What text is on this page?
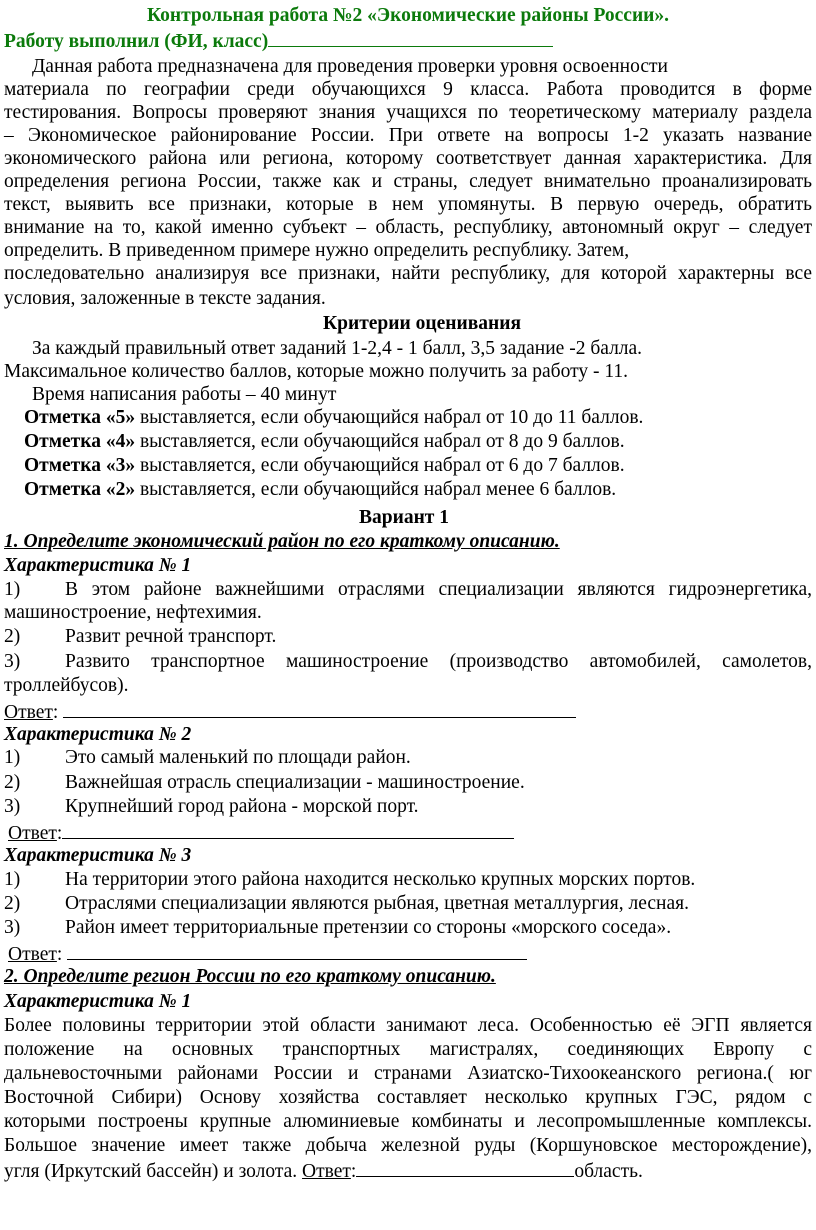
Контрольная работа №2 «Экономические районы России».
Работу выполнил (ФИ, класс)
Данная работа предназначена для проведения проверки уровня освоенности
материала по географии среди обучающихся 9 класса. Работа проводится в форме
тестирования. Вопросы проверяют знания учащихся по теоретическому материалу раздела
– Экономическое районирование России. При ответе на вопросы 1-2 указать название
экономического района или региона, которому соответствует данная характеристика. Для
определения региона России, также как и страны, следует внимательно проанализировать
текст, выявить все признаки, которые в нем упомянуты. В первую очередь, обратить
внимание на то, какой именно субъект – область, республику, автономный округ – следует
определить. В приведенном примере нужно определить республику. Затем,
последовательно анализируя все признаки, найти республику, для которой характерны все
условия, заложенные в тексте задания.
Критерии оценивания
За каждый правильный ответ заданий 1-2,4 - 1 балл, 3,5 задание -2 балла.
Максимальное количество баллов, которые можно получить за работу - 11.
Время написания работы – 40 минут
Отметка «5» выставляется, если обучающийся набрал от 10 до 11 баллов.
Отметка «4» выставляется, если обучающийся набрал от 8 до 9 баллов.
Отметка «3» выставляется, если обучающийся набрал от 6 до 7 баллов.
Отметка «2» выставляется, если обучающийся набрал менее 6 баллов.
Вариант 1
1. Определите экономический район по его краткому описанию.
Характеристика № 1
1) В этом районе важнейшими отраслями специализации являются гидроэнергетика,
машиностроение, нефтехимия.
2) Развит речной транспорт.
3) Развито транспортное машиностроение (производство автомобилей, самолетов,
троллейбусов).
Ответ:
Характеристика № 2
1) Это самый маленький по площади район.
2) Важнейшая отрасль специализации - машиностроение.
3) Крупнейший город района - морской порт.
Ответ:
Характеристика № 3
1) На территории этого района находится несколько крупных морских портов.
2) Отраслями специализации являются рыбная, цветная металлургия, лесная.
3) Район имеет территориальные претензии со стороны «морского соседа».
Ответ:
2. Определите регион России по его краткому описанию.
Характеристика № 1
Более половины территории этой области занимают леса. Особенностью её ЭГП является
положение на основных транспортных магистралях, соединяющих Европу с
дальневосточными районами России и странами Азиатско-Тихоокеанского региона.( юг
Восточной Сибири) Основу хозяйства составляет несколько крупных ГЭС, рядом с
которыми построены крупные алюминиевые комбинаты и лесопромышленные комплексы.
Большое значение имеет также добыча железной руды (Коршуновское месторождение),
угля (Иркутский бассейн) и золота. Ответ:	область.
